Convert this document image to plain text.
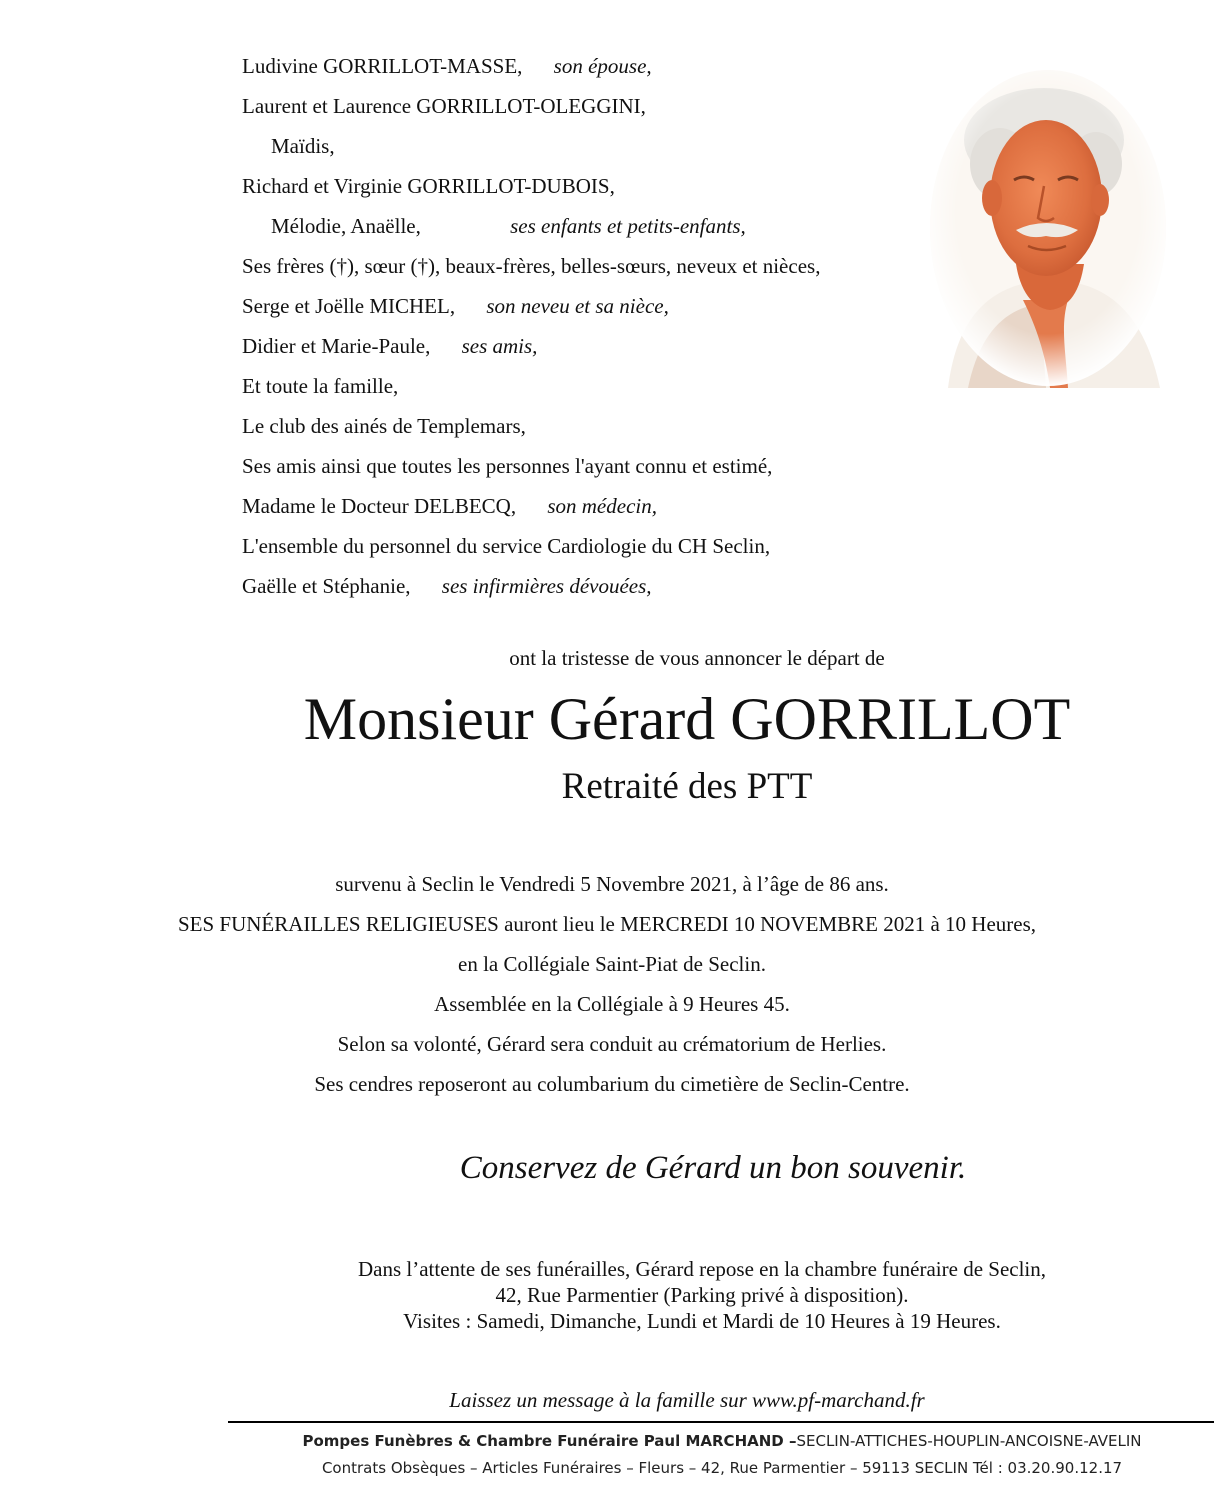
Ludivine GORRILLOT-MASSE, son épouse,
Laurent et Laurence GORRILLOT-OLEGGINI,
Maïdis,
Richard et Virginie GORRILLOT-DUBOIS,
Mélodie, Anaëlle,	ses enfants et petits-enfants,
Ses frères (†), sœur (†), beaux-frères, belles-sœurs, neveux et nièces,
Serge et Joëlle MICHEL, son neveu et sa nièce,
Didier et Marie-Paule, ses amis,
Et toute la famille,
Le club des ainés de Templemars,
Ses amis ainsi que toutes les personnes l'ayant connu et estimé,
Madame le Docteur DELBECQ, son médecin,
L'ensemble du personnel du service Cardiologie du CH Seclin,
Gaëlle et Stéphanie, ses infirmières dévouées,
ont la tristesse de vous annoncer le départ de
Monsieur Gérard GORRILLOT
Retraité des PTT
survenu à Seclin le Vendredi 5 Novembre 2021, à l’âge de 86 ans.
SES FUNÉRAILLES RELIGIEUSES auront lieu le MERCREDI 10 NOVEMBRE 2021 à 10 Heures,
en la Collégiale Saint-Piat de Seclin.
Assemblée en la Collégiale à 9 Heures 45.
Selon sa volonté, Gérard sera conduit au crématorium de Herlies.
Ses cendres reposeront au columbarium du cimetière de Seclin-Centre.
Conservez de Gérard un bon souvenir.
Dans l’attente de ses funérailles, Gérard repose en la chambre funéraire de Seclin,
42, Rue Parmentier (Parking privé à disposition).
Visites : Samedi, Dimanche, Lundi et Mardi de 10 Heures à 19 Heures.
Laissez un message à la famille sur www.pf-marchand.fr
Pompes Funèbres & Chambre Funéraire Paul MARCHAND –SECLIN-ATTICHES-HOUPLIN-ANCOISNE-AVELIN
Contrats Obsèques – Articles Funéraires – Fleurs – 42, Rue Parmentier – 59113 SECLIN Tél : 03.20.90.12.17
